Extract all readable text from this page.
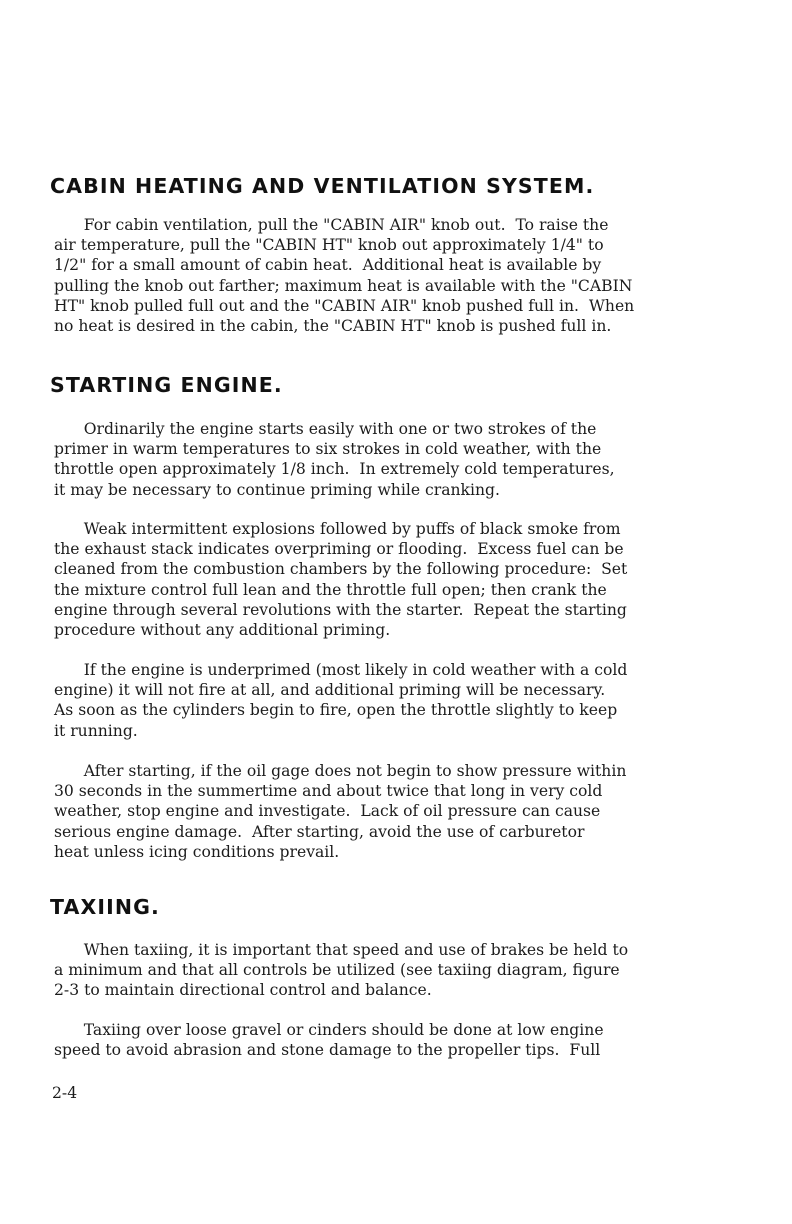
CABIN HEATING AND VENTILATION SYSTEM.
For cabin ventilation, pull the "CABIN AIR" knob out.  To raise the
air temperature, pull the "CABIN HT" knob out approximately 1/4" to
1/2" for a small amount of cabin heat.  Additional heat is available by
pulling the knob out farther; maximum heat is available with the "CABIN
HT" knob pulled full out and the "CABIN AIR" knob pushed full in.  When
no heat is desired in the cabin, the "CABIN HT" knob is pushed full in.
STARTING ENGINE.
Ordinarily the engine starts easily with one or two strokes of the
primer in warm temperatures to six strokes in cold weather, with the
throttle open approximately 1/8 inch.  In extremely cold temperatures,
it may be necessary to continue priming while cranking.
Weak intermittent explosions followed by puffs of black smoke from
the exhaust stack indicates overpriming or flooding.  Excess fuel can be
cleaned from the combustion chambers by the following procedure:  Set
the mixture control full lean and the throttle full open; then crank the
engine through several revolutions with the starter.  Repeat the starting
procedure without any additional priming.
If the engine is underprimed (most likely in cold weather with a cold
engine) it will not fire at all, and additional priming will be necessary.
As soon as the cylinders begin to fire, open the throttle slightly to keep
it running.
After starting, if the oil gage does not begin to show pressure within
30 seconds in the summertime and about twice that long in very cold
weather, stop engine and investigate.  Lack of oil pressure can cause
serious engine damage.  After starting, avoid the use of carburetor
heat unless icing conditions prevail.
TAXIING.
When taxiing, it is important that speed and use of brakes be held to
a minimum and that all controls be utilized (see taxiing diagram, figure
2-3 to maintain directional control and balance.
Taxiing over loose gravel or cinders should be done at low engine
speed to avoid abrasion and stone damage to the propeller tips.  Full
2-4
